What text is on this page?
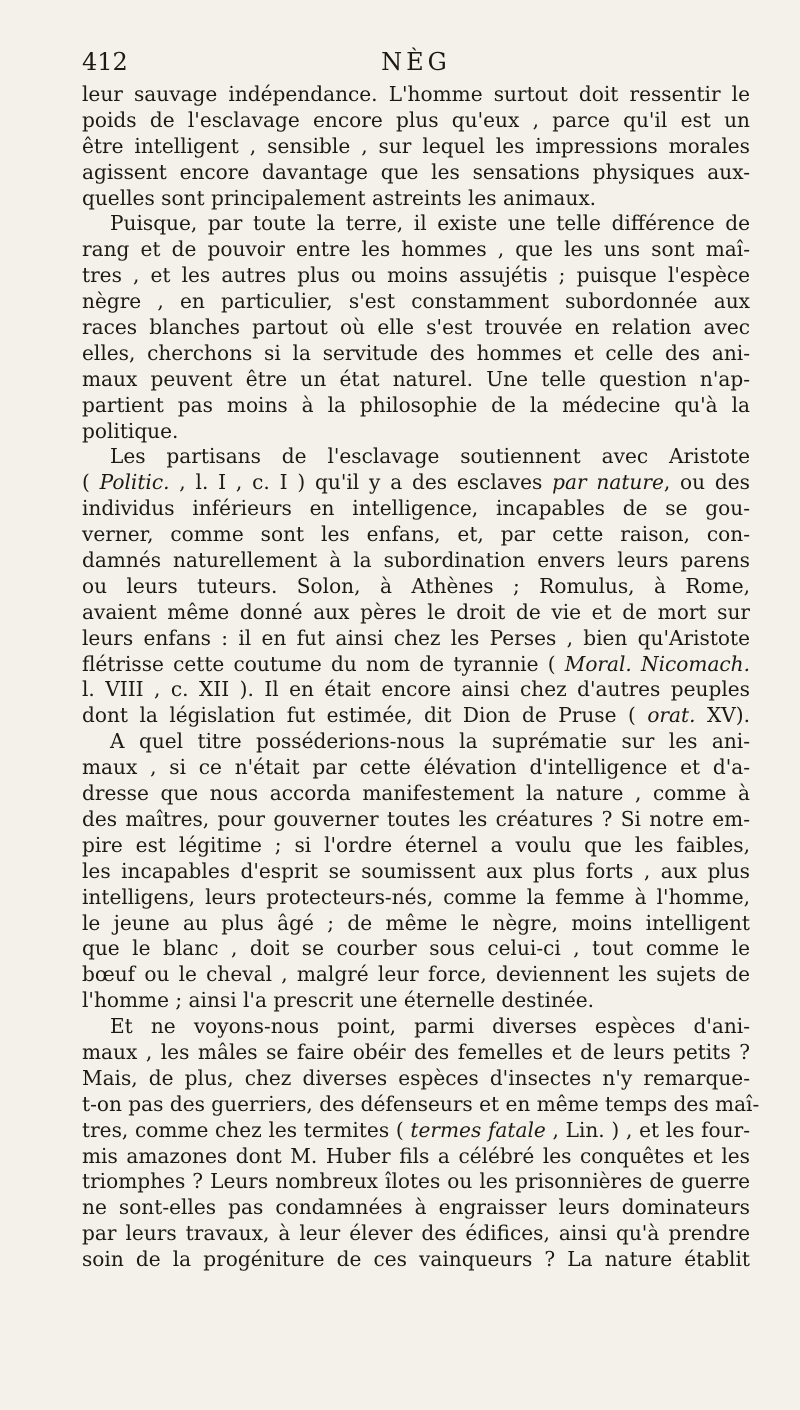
412	NÈG
leur sauvage indépendance. L'homme surtout doit ressentir le
poids de l'esclavage encore plus qu'eux , parce qu'il est un
être intelligent , sensible , sur lequel les impressions morales
agissent encore davantage que les sensations physiques aux-
quelles sont principalement astreints les animaux.
Puisque, par toute la terre, il existe une telle différence de
rang et de pouvoir entre les hommes , que les uns sont maî-
tres , et les autres plus ou moins assujétis ; puisque l'espèce
nègre , en particulier, s'est constamment subordonnée aux
races blanches partout où elle s'est trouvée en relation avec
elles, cherchons si la servitude des hommes et celle des ani-
maux peuvent être un état naturel. Une telle question n'ap-
partient pas moins à la philosophie de la médecine qu'à la
politique.
Les partisans de l'esclavage soutiennent avec Aristote
( Politic. , l. I , c. I ) qu'il y a des esclaves par nature, ou des
individus inférieurs en intelligence, incapables de se gou-
verner, comme sont les enfans, et, par cette raison, con-
damnés naturellement à la subordination envers leurs parens
ou leurs tuteurs. Solon, à Athènes ; Romulus, à Rome,
avaient même donné aux pères le droit de vie et de mort sur
leurs enfans : il en fut ainsi chez les Perses , bien qu'Aristote
flétrisse cette coutume du nom de tyrannie ( Moral. Nicomach.
l. VIII , c. XII ). Il en était encore ainsi chez d'autres peuples
dont la législation fut estimée, dit Dion de Pruse ( orat. XV).
A quel titre posséderions-nous la suprématie sur les ani-
maux , si ce n'était par cette élévation d'intelligence et d'a-
dresse que nous accorda manifestement la nature , comme à
des maîtres, pour gouverner toutes les créatures ? Si notre em-
pire est légitime ; si l'ordre éternel a voulu que les faibles,
les incapables d'esprit se soumissent aux plus forts , aux plus
intelligens, leurs protecteurs-nés, comme la femme à l'homme,
le jeune au plus âgé ; de même le nègre, moins intelligent
que le blanc , doit se courber sous celui-ci , tout comme le
bœuf ou le cheval , malgré leur force, deviennent les sujets de
l'homme ; ainsi l'a prescrit une éternelle destinée.
Et ne voyons-nous point, parmi diverses espèces d'ani-
maux , les mâles se faire obéir des femelles et de leurs petits ?
Mais, de plus, chez diverses espèces d'insectes n'y remarque-
t-on pas des guerriers, des défenseurs et en même temps des maî-
tres, comme chez les termites ( termes fatale , Lin. ) , et les four-
mis amazones dont M. Huber fils a célébré les conquêtes et les
triomphes ? Leurs nombreux îlotes ou les prisonnières de guerre
ne sont-elles pas condamnées à engraisser leurs dominateurs
par leurs travaux, à leur élever des édifices, ainsi qu'à prendre
soin de la progéniture de ces vainqueurs ? La nature établit
